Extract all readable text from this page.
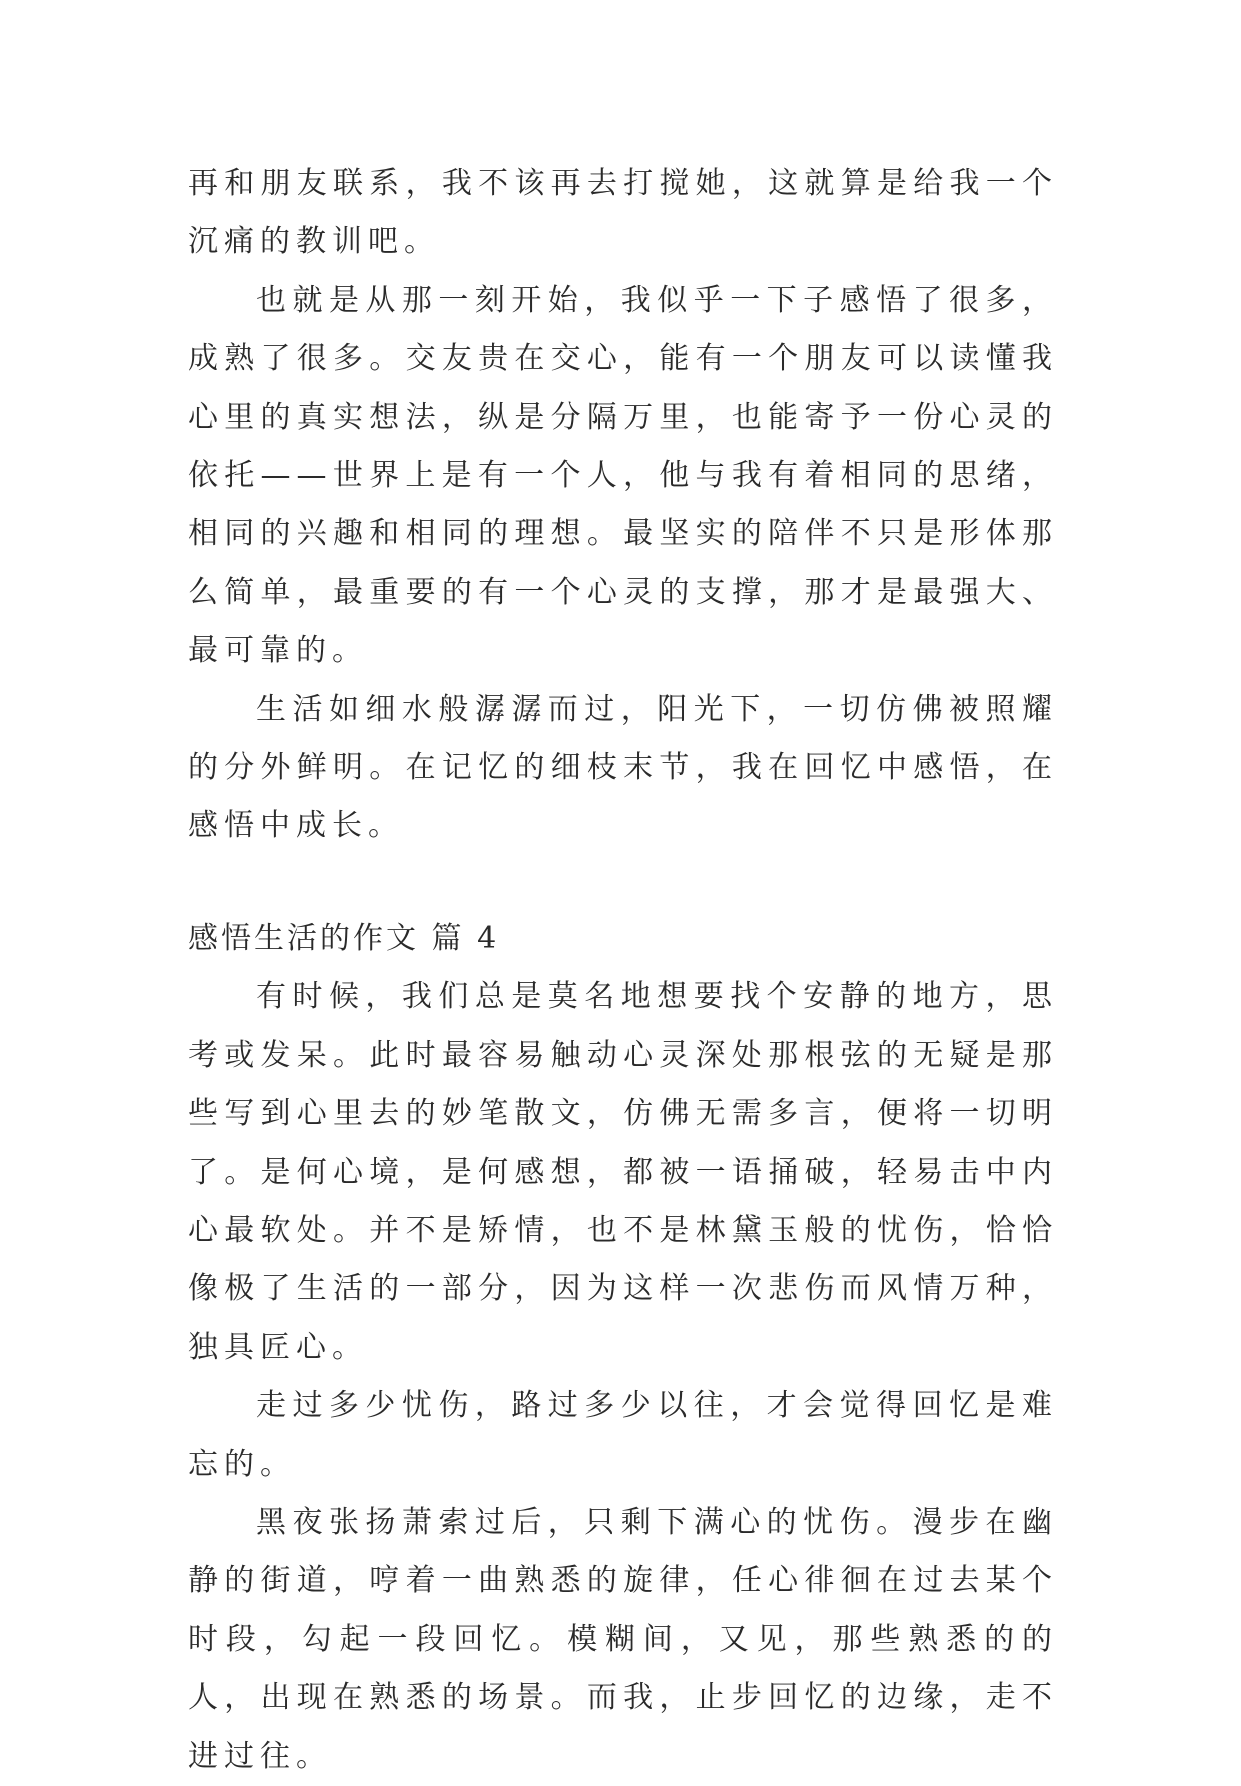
再和朋友联系，我不该再去打搅她，这就算是给我一个沉痛的教训吧。

也就是从那一刻开始，我似乎一下子感悟了很多，成熟了很多。交友贵在交心，能有一个朋友可以读懂我心里的真实想法，纵是分隔万里，也能寄予一份心灵的依托——世界上是有一个人，他与我有着相同的思绪，相同的兴趣和相同的理想。最坚实的陪伴不只是形体那么简单，最重要的有一个心灵的支撑，那才是最强大、最可靠的。

生活如细水般潺潺而过，阳光下，一切仿佛被照耀的分外鲜明。在记忆的细枝末节，我在回忆中感悟，在感悟中成长。

感悟生活的作文 篇 4

有时候，我们总是莫名地想要找个安静的地方，思考或发呆。此时最容易触动心灵深处那根弦的无疑是那些写到心里去的妙笔散文，仿佛无需多言，便将一切明了。是何心境，是何感想，都被一语捅破，轻易击中内心最软处。并不是矫情，也不是林黛玉般的忧伤，恰恰像极了生活的一部分，因为这样一次悲伤而风情万种，独具匠心。

走过多少忧伤，路过多少以往，才会觉得回忆是难忘的。

黑夜张扬萧索过后，只剩下满心的忧伤。漫步在幽静的街道，哼着一曲熟悉的旋律，任心徘徊在过去某个时段，勾起一段回忆。模糊间，又见，那些熟悉的的人，出现在熟悉的场景。而我，止步回忆的边缘，走不进过往。
